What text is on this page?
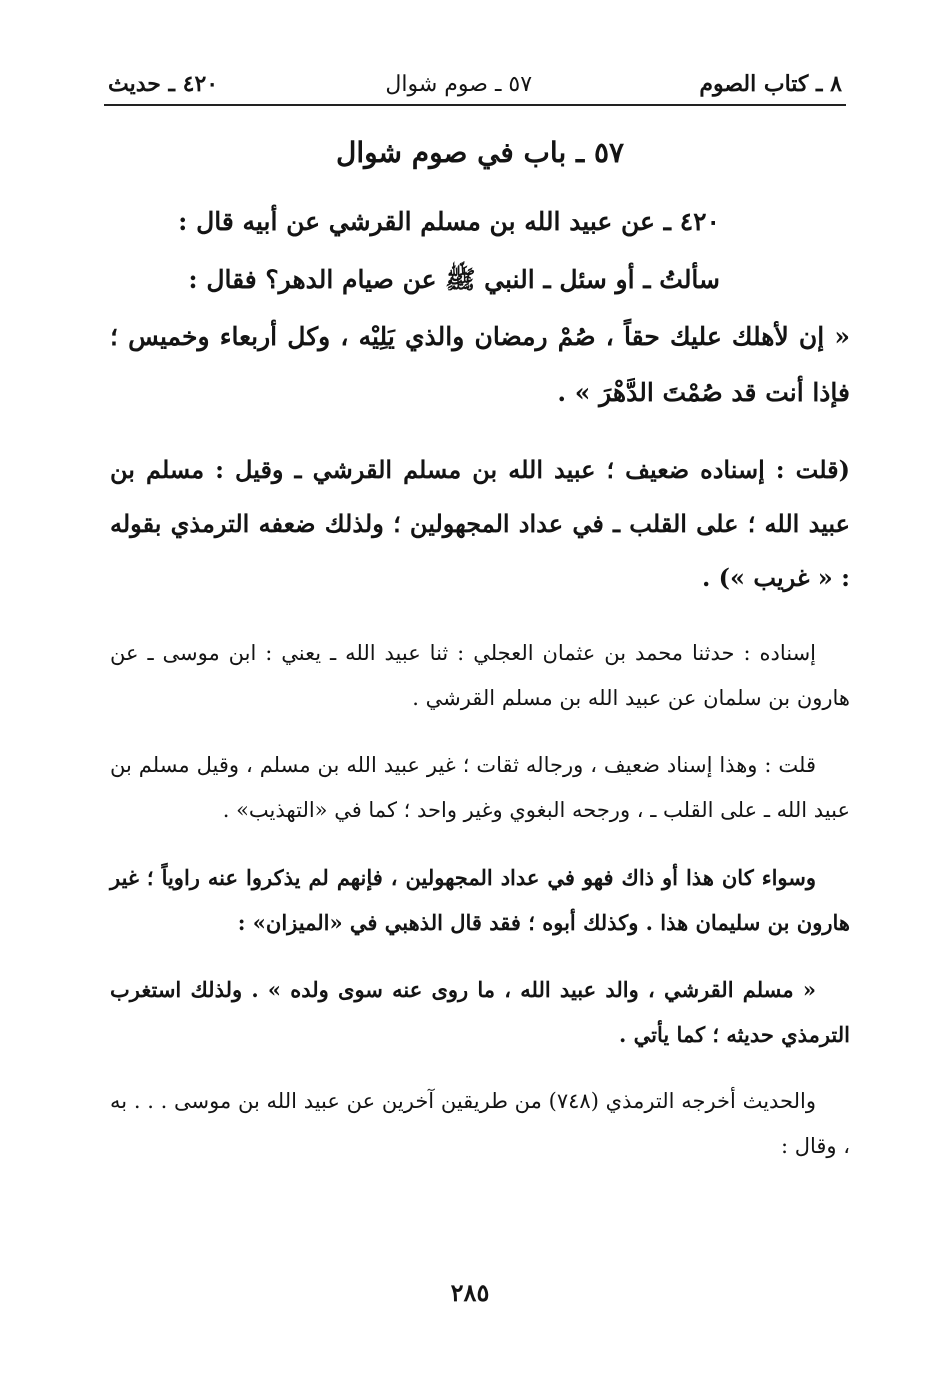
٨ ـ كتاب الصوم
٥٧ ـ صوم شوال
٤٢٠ ـ حديث
٥٧ ـ باب في صوم شوال

٤٢٠ ـ عن عبيد الله بن مسلم القرشي عن أبيه قال :

سألتُ ـ أو سئل ـ النبي ﷺ عن صيام الدهر؟ فقال :

« إن لأهلك عليك حقاً ، صُمْ رمضان والذي يَلِيْه ، وكل أربعاء وخميس ؛ فإذا أنت قد صُمْتَ الدَّهْرَ » .

(قلت : إسناده ضعيف ؛ عبيد الله بن مسلم القرشي ـ وقيل : مسلم بن عبيد الله ؛ على القلب ـ في عداد المجهولين ؛ ولذلك ضعفه الترمذي بقوله : « غريب ») .

إسناده : حدثنا محمد بن عثمان العجلي : ثنا عبيد الله ـ يعني : ابن موسى ـ عن هارون بن سلمان عن عبيد الله بن مسلم القرشي .

قلت : وهذا إسناد ضعيف ، ورجاله ثقات ؛ غير عبيد الله بن مسلم ، وقيل مسلم بن عبيد الله ـ على القلب ـ ، ورجحه البغوي وغير واحد ؛ كما في «التهذيب» .

وسواء كان هذا أو ذاك فهو في عداد المجهولين ، فإنهم لم يذكروا عنه راوياً ؛ غير هارون بن سليمان هذا . وكذلك أبوه ؛ فقد قال الذهبي في «الميزان» :

« مسلم القرشي ، والد عبيد الله ، ما روى عنه سوى ولده » . ولذلك استغرب الترمذي حديثه ؛ كما يأتي .

والحديث أخرجه الترمذي (٧٤٨) من طريقين آخرين عن عبيد الله بن موسى . . . به ، وقال :

٢٨٥
